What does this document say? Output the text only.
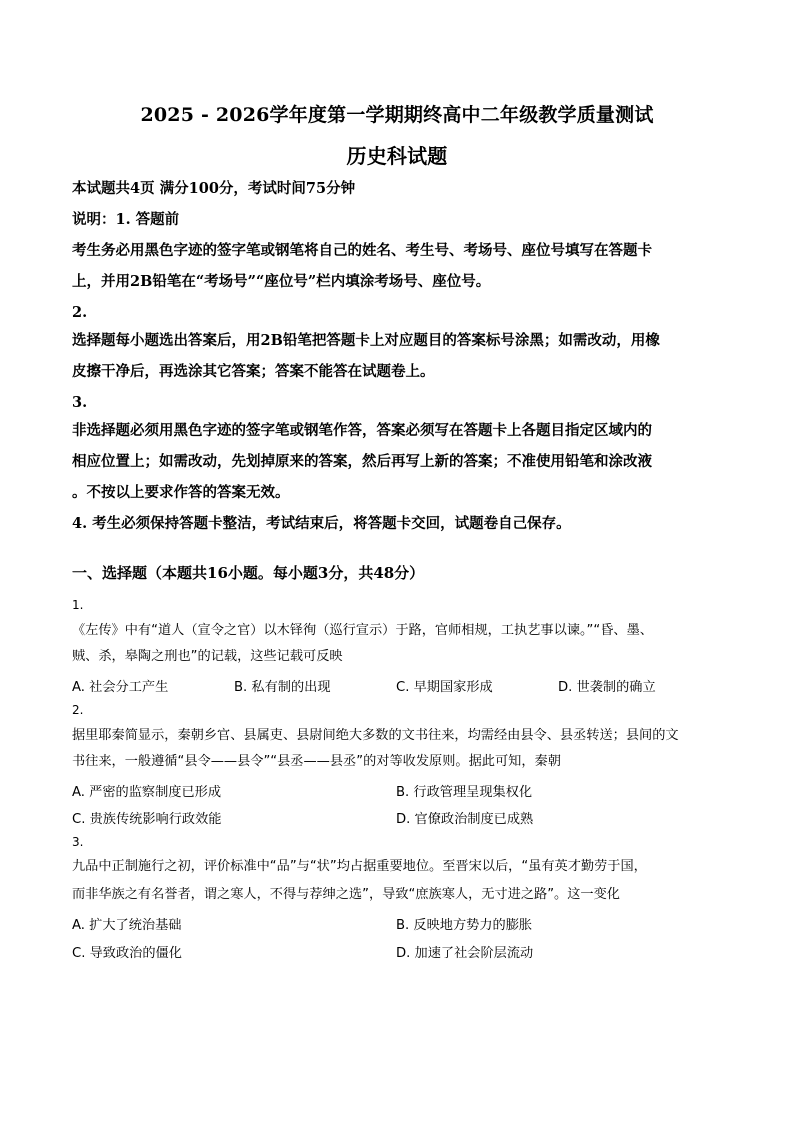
2025 - 2026学年度第一学期期终高中二年级教学质量测试
历史科试题
本试题共4页 满分100分，考试时间75分钟
说明：1. 答题前
考生务必用黑色字迹的签字笔或钢笔将自己的姓名、考生号、考场号、座位号填写在答题卡
上，并用2B铅笔在“考场号”“座位号”栏内填涂考场号、座位号。
2.
选择题每小题选出答案后，用2B铅笔把答题卡上对应题目的答案标号涂黑；如需改动，用橡
皮擦干净后，再选涂其它答案；答案不能答在试题卷上。
3.
非选择题必须用黑色字迹的签字笔或钢笔作答，答案必须写在答题卡上各题目指定区域内的
相应位置上；如需改动，先划掉原来的答案，然后再写上新的答案；不准使用铅笔和涂改液
。不按以上要求作答的答案无效。
4. 考生必须保持答题卡整洁，考试结束后，将答题卡交回，试题卷自己保存。
一、选择题（本题共16小题。每小题3分，共48分）
1.
《左传》中有“道人（宣令之官）以木铎徇（巡行宣示）于路，官师相规，工执艺事以谏。”“昏、墨、
贼、杀，皋陶之刑也”的记载，这些记载可反映
A. 社会分工产生	B. 私有制的出现	C. 早期国家形成	D. 世袭制的确立
2.
据里耶秦简显示，秦朝乡官、县属吏、县尉间绝大多数的文书往来，均需经由县令、县丞转送；县间的文
书往来，一般遵循“县令——县令”“县丞——县丞”的对等收发原则。据此可知，秦朝
A. 严密的监察制度已形成	B. 行政管理呈现集权化
C. 贵族传统影响行政效能	D. 官僚政治制度已成熟
3.
九品中正制施行之初，评价标准中“品”与“状”均占据重要地位。至晋宋以后，“虽有英才勤劳于国，
而非华族之有名誉者，谓之寒人，不得与荐绅之选”，导致“庶族寒人，无寸进之路”。这一变化
A. 扩大了统治基础	B. 反映地方势力的膨胀
C. 导致政治的僵化	D. 加速了社会阶层流动
